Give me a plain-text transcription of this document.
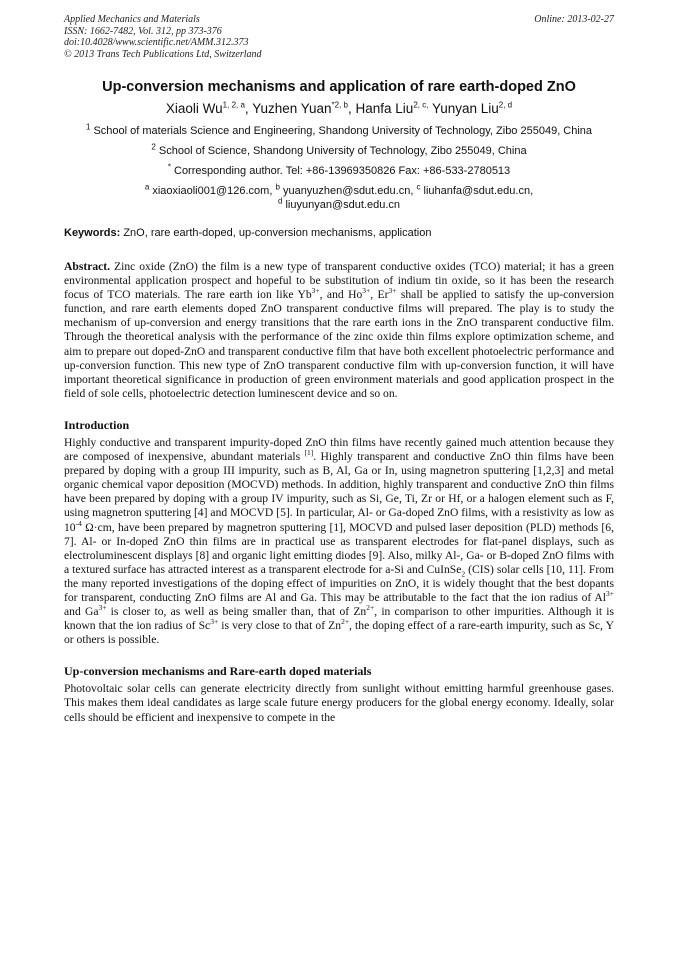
Applied Mechanics and Materials
ISSN: 1662-7482, Vol. 312, pp 373-376
doi:10.4028/www.scientific.net/AMM.312.373
© 2013 Trans Tech Publications Ltd, Switzerland
Online: 2013-02-27
Up-conversion mechanisms and application of rare earth-doped ZnO
Xiaoli Wu$^{1, 2, a}$, Yuzhen Yuan$^{*2, b}$, Hanfa Liu$^{2, c,}$ Yunyan Liu$^{2, d}$
$^1$ School of materials Science and Engineering, Shandong University of Technology, Zibo 255049, China
$^2$ School of Science, Shandong University of Technology, Zibo 255049, China
* Corresponding author. Tel: +86-13969350826 Fax: +86-533-2780513
$^a$ xiaoxiaoli001@126.com, $^b$ yuanyuzhen@sdut.edu.cn, $^c$ liuhanfa@sdut.edu.cn,
$^d$ liuyunyan@sdut.edu.cn
Keywords: ZnO, rare earth-doped, up-conversion mechanisms, application
Abstract. Zinc oxide (ZnO) the film is a new type of transparent conductive oxides (TCO) material; it has a green environmental application prospect and hopeful to be substitution of indium tin oxide, so it has been the research focus of TCO materials. The rare earth ion like $Yb^{3+}$, and $Ho^{3+}$, $Er^{3+}$ shall be applied to satisfy the up-conversion function, and rare earth elements doped ZnO transparent conductive films will prepared. The play is to study the mechanism of up-conversion and energy transitions that the rare earth ions in the ZnO transparent conductive film. Through the theoretical analysis with the performance of the zinc oxide thin films explore optimization scheme, and aim to prepare out doped-ZnO and transparent conductive film that have both excellent photoelectric performance and up-conversion function. This new type of ZnO transparent conductive film with up-conversion function, it will have important theoretical significance in production of green environment materials and good application prospect in the field of sole cells, photoelectric detection luminescent device and so on.
Introduction
Highly conductive and transparent impurity-doped ZnO thin films have recently gained much attention because they are composed of inexpensive, abundant materials [1]. Highly transparent and conductive ZnO thin films have been prepared by doping with a group III impurity, such as B, Al, Ga or In, using magnetron sputtering [1,2,3] and metal organic chemical vapor deposition (MOCVD) methods. In addition, highly transparent and conductive ZnO thin films have been prepared by doping with a group IV impurity, such as Si, Ge, Ti, Zr or Hf, or a halogen element such as F, using magnetron sputtering [4] and MOCVD [5]. In particular, Al- or Ga-doped ZnO films, with a resistivity as low as $10^{-4}$ Ω·cm, have been prepared by magnetron sputtering [1], MOCVD and pulsed laser deposition (PLD) methods [6, 7]. Al- or In-doped ZnO thin films are in practical use as transparent electrodes for flat-panel displays, such as electroluminescent displays [8] and organic light emitting diodes [9]. Also, milky Al-, Ga- or B-doped ZnO films with a textured surface has attracted interest as a transparent electrode for a-Si and CuInSe$_2$ (CIS) solar cells [10, 11]. From the many reported investigations of the doping effect of impurities on ZnO, it is widely thought that the best dopants for transparent, conducting ZnO films are Al and Ga. This may be attributable to the fact that the ion radius of $Al^{3+}$ and $Ga^{3+}$ is closer to, as well as being smaller than, that of $Zn^{2+}$, in comparison to other impurities. Although it is known that the ion radius of $Sc^{3+}$ is very close to that of $Zn^{2+}$, the doping effect of a rare-earth impurity, such as Sc, Y or others is possible.
Up-conversion mechanisms and Rare-earth doped materials
Photovoltaic solar cells can generate electricity directly from sunlight without emitting harmful greenhouse gases. This makes them ideal candidates as large scale future energy producers for the global energy economy. Ideally, solar cells should be efficient and inexpensive to compete in the
